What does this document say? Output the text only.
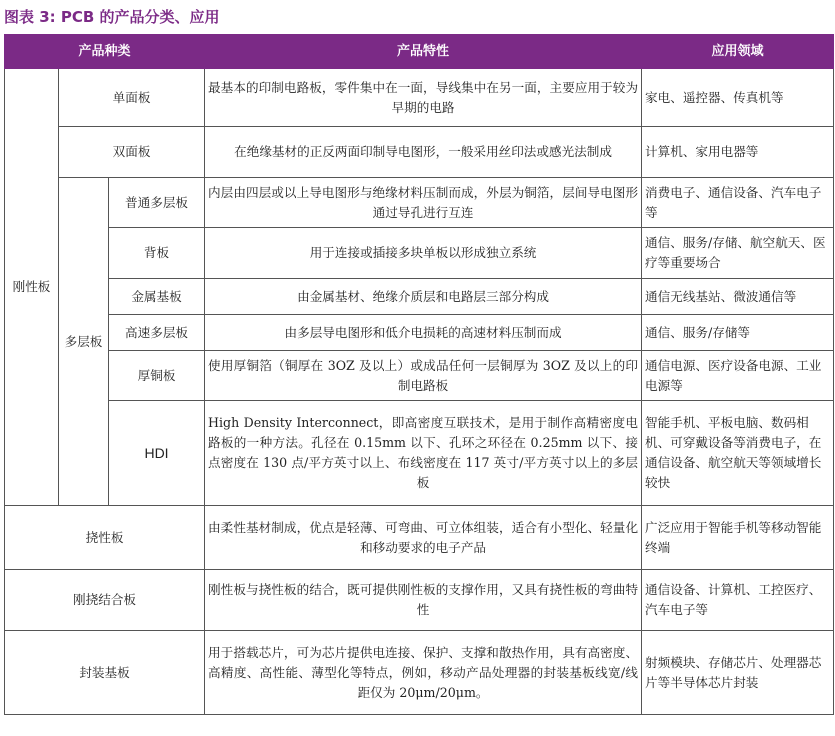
图表 3: PCB 的产品分类、应用
产品种类			产品特性	应用领域
刚性板	单面板		最基本的印制电路板，零件集中在一面，导线集中在另一面，主要应用于较为早期的电路	家电、遥控器、传真机等
	双面板		在绝缘基材的正反两面印制导电图形，一般采用丝印法或感光法制成	计算机、家用电器等
	多层板	普通多层板	内层由四层或以上导电图形与绝缘材料压制而成，外层为铜箔，层间导电图形通过导孔进行互连	消费电子、通信设备、汽车电子等
		背板	用于连接或插接多块单板以形成独立系统	通信、服务/存储、航空航天、医疗等重要场合
		金属基板	由金属基材、绝缘介质层和电路层三部分构成	通信无线基站、微波通信等
		高速多层板	由多层导电图形和低介电损耗的高速材料压制而成	通信、服务/存储等
		厚铜板	使用厚铜箔（铜厚在 3OZ 及以上）或成品任何一层铜厚为 3OZ 及以上的印制电路板	通信电源、医疗设备电源、工业电源等
		HDI	High Density Interconnect，即高密度互联技术，是用于制作高精密度电路板的一种方法。孔径在 0.15mm 以下、孔环之环径在 0.25mm 以下、接点密度在 130 点/平方英寸以上、布线密度在 117 英寸/平方英寸以上的多层板	智能手机、平板电脑、数码相机、可穿戴设备等消费电子，在通信设备、航空航天等领域增长较快
挠性板			由柔性基材制成，优点是轻薄、可弯曲、可立体组装，适合有小型化、轻量化和移动要求的电子产品	广泛应用于智能手机等移动智能终端
刚挠结合板			刚性板与挠性板的结合，既可提供刚性板的支撑作用，又具有挠性板的弯曲特性	通信设备、计算机、工控医疗、汽车电子等
封装基板			用于搭载芯片，可为芯片提供电连接、保护、支撑和散热作用，具有高密度、高精度、高性能、薄型化等特点，例如，移动产品处理器的封装基板线宽/线距仅为 20μm/20μm。	射频模块、存储芯片、处理器芯片等半导体芯片封装
